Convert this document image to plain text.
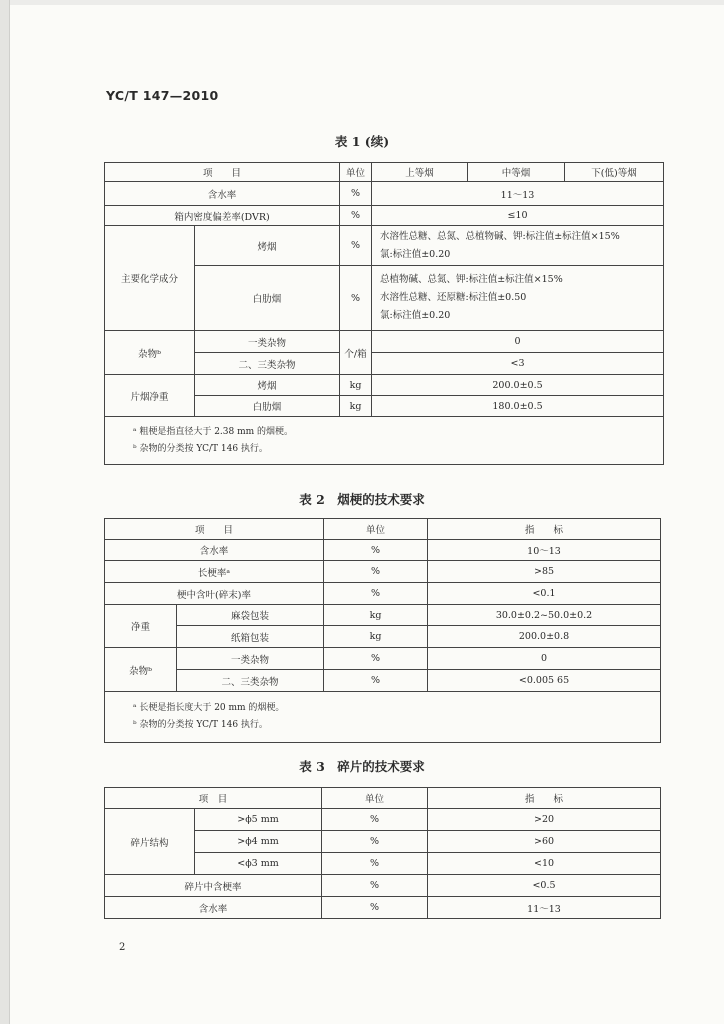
YC/T 147—2010
表 1 (续)
项　　目		单位	上等烟	中等烟	下(低)等烟
含水率		%	11～13		
箱内密度偏差率(DVR)		%	≤10		
主要化学成分	烤烟	%	水溶性总糖、总氮、总植物碱、钾:标注值±标注值×15%
氯:标注值±0.20		

	白肋烟	%	总植物碱、总氮、钾:标注值±标注值×15%
水溶性总糖、还原糖:标注值±0.50
氯:标注值±0.20		

杂物ᵇ	一类杂物	个/箱	0		
	二、三类杂物		<3		
片烟净重	烤烟	kg	200.0±0.5		
	白肋烟	kg	180.0±0.5		

ᵃ 粗梗是指直径大于 2.38 mm 的烟梗。
ᵇ 杂物的分类按 YC/T 146 执行。					
表 2　烟梗的技术要求
项　　目		单位	指　　标
含水率		%	10～13
长梗率ᵃ		%	>85
梗中含叶(碎末)率		%	<0.1
净重	麻袋包装	kg	30.0±0.2~50.0±0.2
	纸箱包装	kg	200.0±0.8
杂物ᵇ	一类杂物	%	0
	二、三类杂物	%	<0.005 65

ᵃ 长梗是指长度大于 20 mm 的烟梗。
ᵇ 杂物的分类按 YC/T 146 执行。			
表 3　碎片的技术要求
项　目		单位	指　　标
碎片结构	>ϕ5 mm	%	>20
	>ϕ4 mm	%	>60
	<ϕ3 mm	%	<10
碎片中含梗率		%	<0.5
含水率		%	11～13
2
